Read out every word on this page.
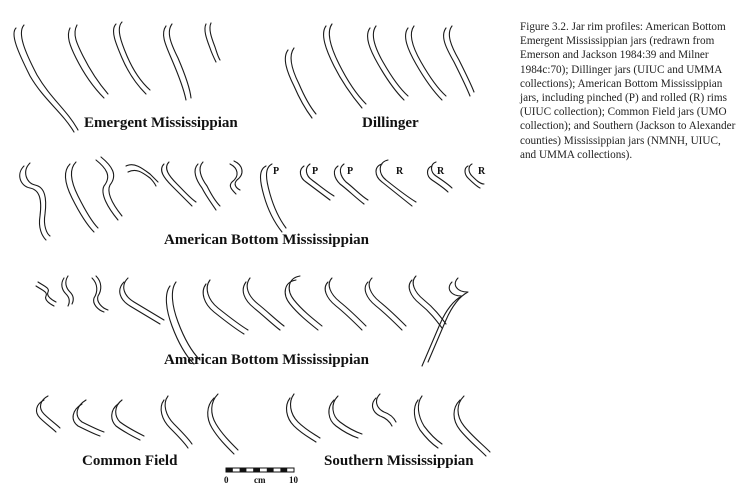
Figure 3.2. Jar rim profiles: American Bottom Emergent Mississippian jars (redrawn from Emerson and Jackson 1984:39 and Milner 1984c:70); Dillinger jars (UIUC and UMMA collections); American Bottom Mississippian jars, including pinched (P) and rolled (R) rims (UIUC collection); Common Field jars (UMO collection); and Southern (Jackson to Alexander counties) Mississippian jars (NMNH, UIUC, and UMMA collections).
Emergent Mississippian	Dillinger
American Bottom Mississippian
American Bottom Mississippian
Common Field	Southern Mississippian
P	P	P	R	R	R
0	cm	10
